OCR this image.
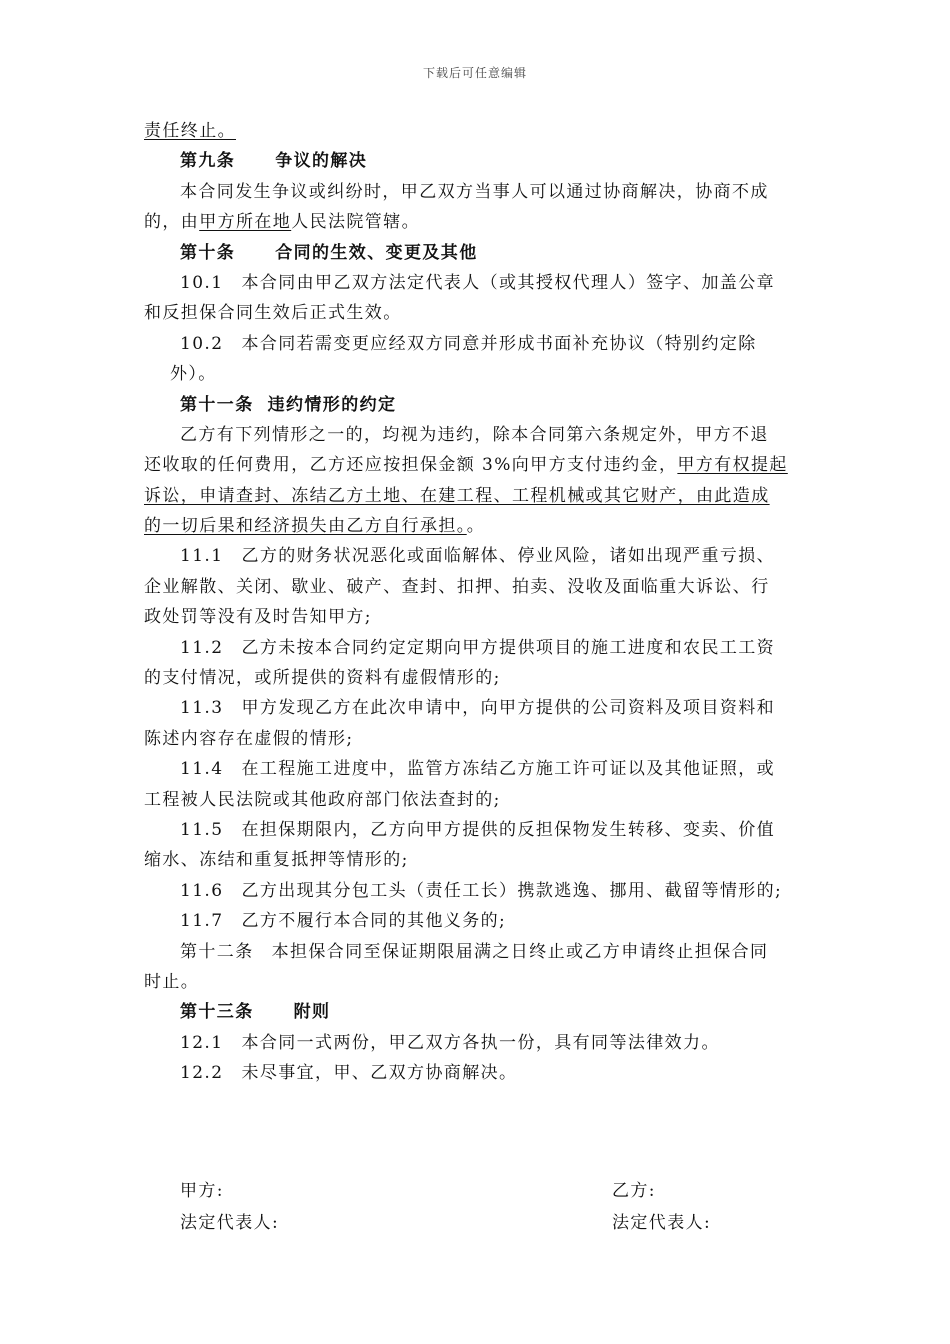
下载后可任意编辑
责任终止。
第九条 争议的解决
本合同发生争议或纠纷时，甲乙双方当事人可以通过协商解决，协商不成
的，由甲方所在地人民法院管辖。
第十条 合同的生效、变更及其他
10.1 本合同由甲乙双方法定代表人（或其授权代理人）签字、加盖公章
和反担保合同生效后正式生效。
10.2 本合同若需变更应经双方同意并形成书面补充协议（特别约定除
外）。
第十一条 违约情形的约定
乙方有下列情形之一的，均视为违约，除本合同第六条规定外，甲方不退
还收取的任何费用，乙方还应按担保金额 3%向甲方支付违约金，甲方有权提起
诉讼，申请查封、冻结乙方土地、在建工程、工程机械或其它财产，由此造成
的一切后果和经济损失由乙方自行承担。。
11.1 乙方的财务状况恶化或面临解体、停业风险，诸如出现严重亏损、
企业解散、关闭、歇业、破产、查封、扣押、拍卖、没收及面临重大诉讼、行
政处罚等没有及时告知甲方;
11.2 乙方未按本合同约定定期向甲方提供项目的施工进度和农民工工资
的支付情况，或所提供的资料有虚假情形的;
11.3 甲方发现乙方在此次申请中，向甲方提供的公司资料及项目资料和
陈述内容存在虚假的情形;
11.4 在工程施工进度中，监管方冻结乙方施工许可证以及其他证照，或
工程被人民法院或其他政府部门依法查封的;
11.5 在担保期限内，乙方向甲方提供的反担保物发生转移、变卖、价值
缩水、冻结和重复抵押等情形的;
11.6 乙方出现其分包工头（责任工长）携款逃逸、挪用、截留等情形的;
11.7 乙方不履行本合同的其他义务的;
第十二条 本担保合同至保证期限届满之日终止或乙方申请终止担保合同
时止。
第十三条 附则
12.1 本合同一式两份，甲乙双方各执一份，具有同等法律效力。
12.2 未尽事宜，甲、乙双方协商解决。
甲方:	乙方:
法定代表人:	法定代表人:
